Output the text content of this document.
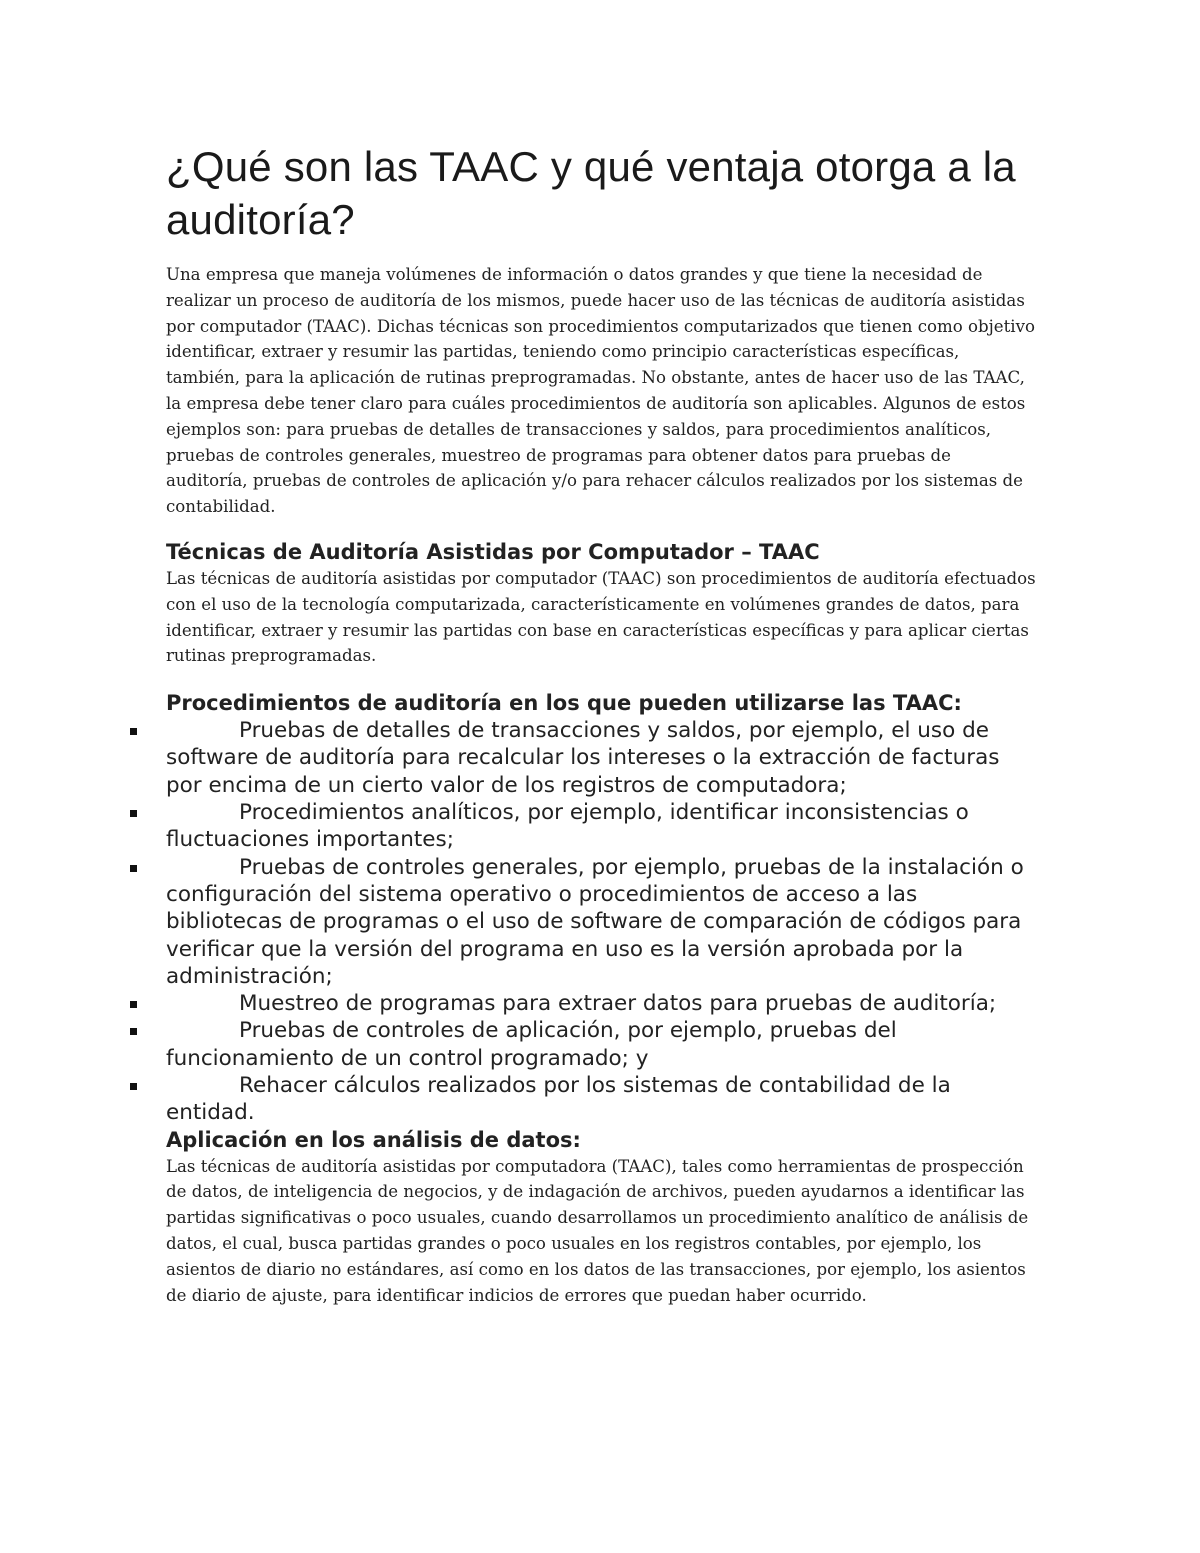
¿Qué son las TAAC y qué ventaja otorga a la auditoría?

Una empresa que maneja volúmenes de información o datos grandes y que tiene la necesidad de realizar un proceso de auditoría de los mismos, puede hacer uso de las técnicas de auditoría asistidas por computador (TAAC). Dichas técnicas son procedimientos computarizados que tienen como objetivo identificar, extraer y resumir las partidas, teniendo como principio características específicas, también, para la aplicación de rutinas preprogramadas. No obstante, antes de hacer uso de las TAAC, la empresa debe tener claro para cuáles procedimientos de auditoría son aplicables. Algunos de estos ejemplos son: para pruebas de detalles de transacciones y saldos, para procedimientos analíticos, pruebas de controles generales, muestreo de programas para obtener datos para pruebas de auditoría, pruebas de controles de aplicación y/o para rehacer cálculos realizados por los sistemas de contabilidad.

Técnicas de Auditoría Asistidas por Computador – TAAC

Las técnicas de auditoría asistidas por computador (TAAC) son procedimientos de auditoría efectuados con el uso de la tecnología computarizada, característicamente en volúmenes grandes de datos, para identificar, extraer y resumir las partidas con base en características específicas y para aplicar ciertas rutinas preprogramadas.

Procedimientos de auditoría en los que pueden utilizarse las TAAC:
Pruebas de detalles de transacciones y saldos, por ejemplo, el uso de software de auditoría para recalcular los intereses o la extracción de facturas por encima de un cierto valor de los registros de computadora;
Procedimientos analíticos, por ejemplo, identificar inconsistencias o fluctuaciones importantes;
Pruebas de controles generales, por ejemplo, pruebas de la instalación o configuración del sistema operativo o procedimientos de acceso a las bibliotecas de programas o el uso de software de comparación de códigos para verificar que la versión del programa en uso es la versión aprobada por la administración;
Muestreo de programas para extraer datos para pruebas de auditoría;
Pruebas de controles de aplicación, por ejemplo, pruebas del funcionamiento de un control programado; y
Rehacer cálculos realizados por los sistemas de contabilidad de la entidad.
Aplicación en los análisis de datos:

Las técnicas de auditoría asistidas por computadora (TAAC), tales como herramientas de prospección de datos, de inteligencia de negocios, y de indagación de archivos, pueden ayudarnos a identificar las partidas significativas o poco usuales, cuando desarrollamos un procedimiento analítico de análisis de datos, el cual, busca partidas grandes o poco usuales en los registros contables, por ejemplo, los asientos de diario no estándares, así como en los datos de las transacciones, por ejemplo, los asientos de diario de ajuste, para identificar indicios de errores que puedan haber ocurrido.
